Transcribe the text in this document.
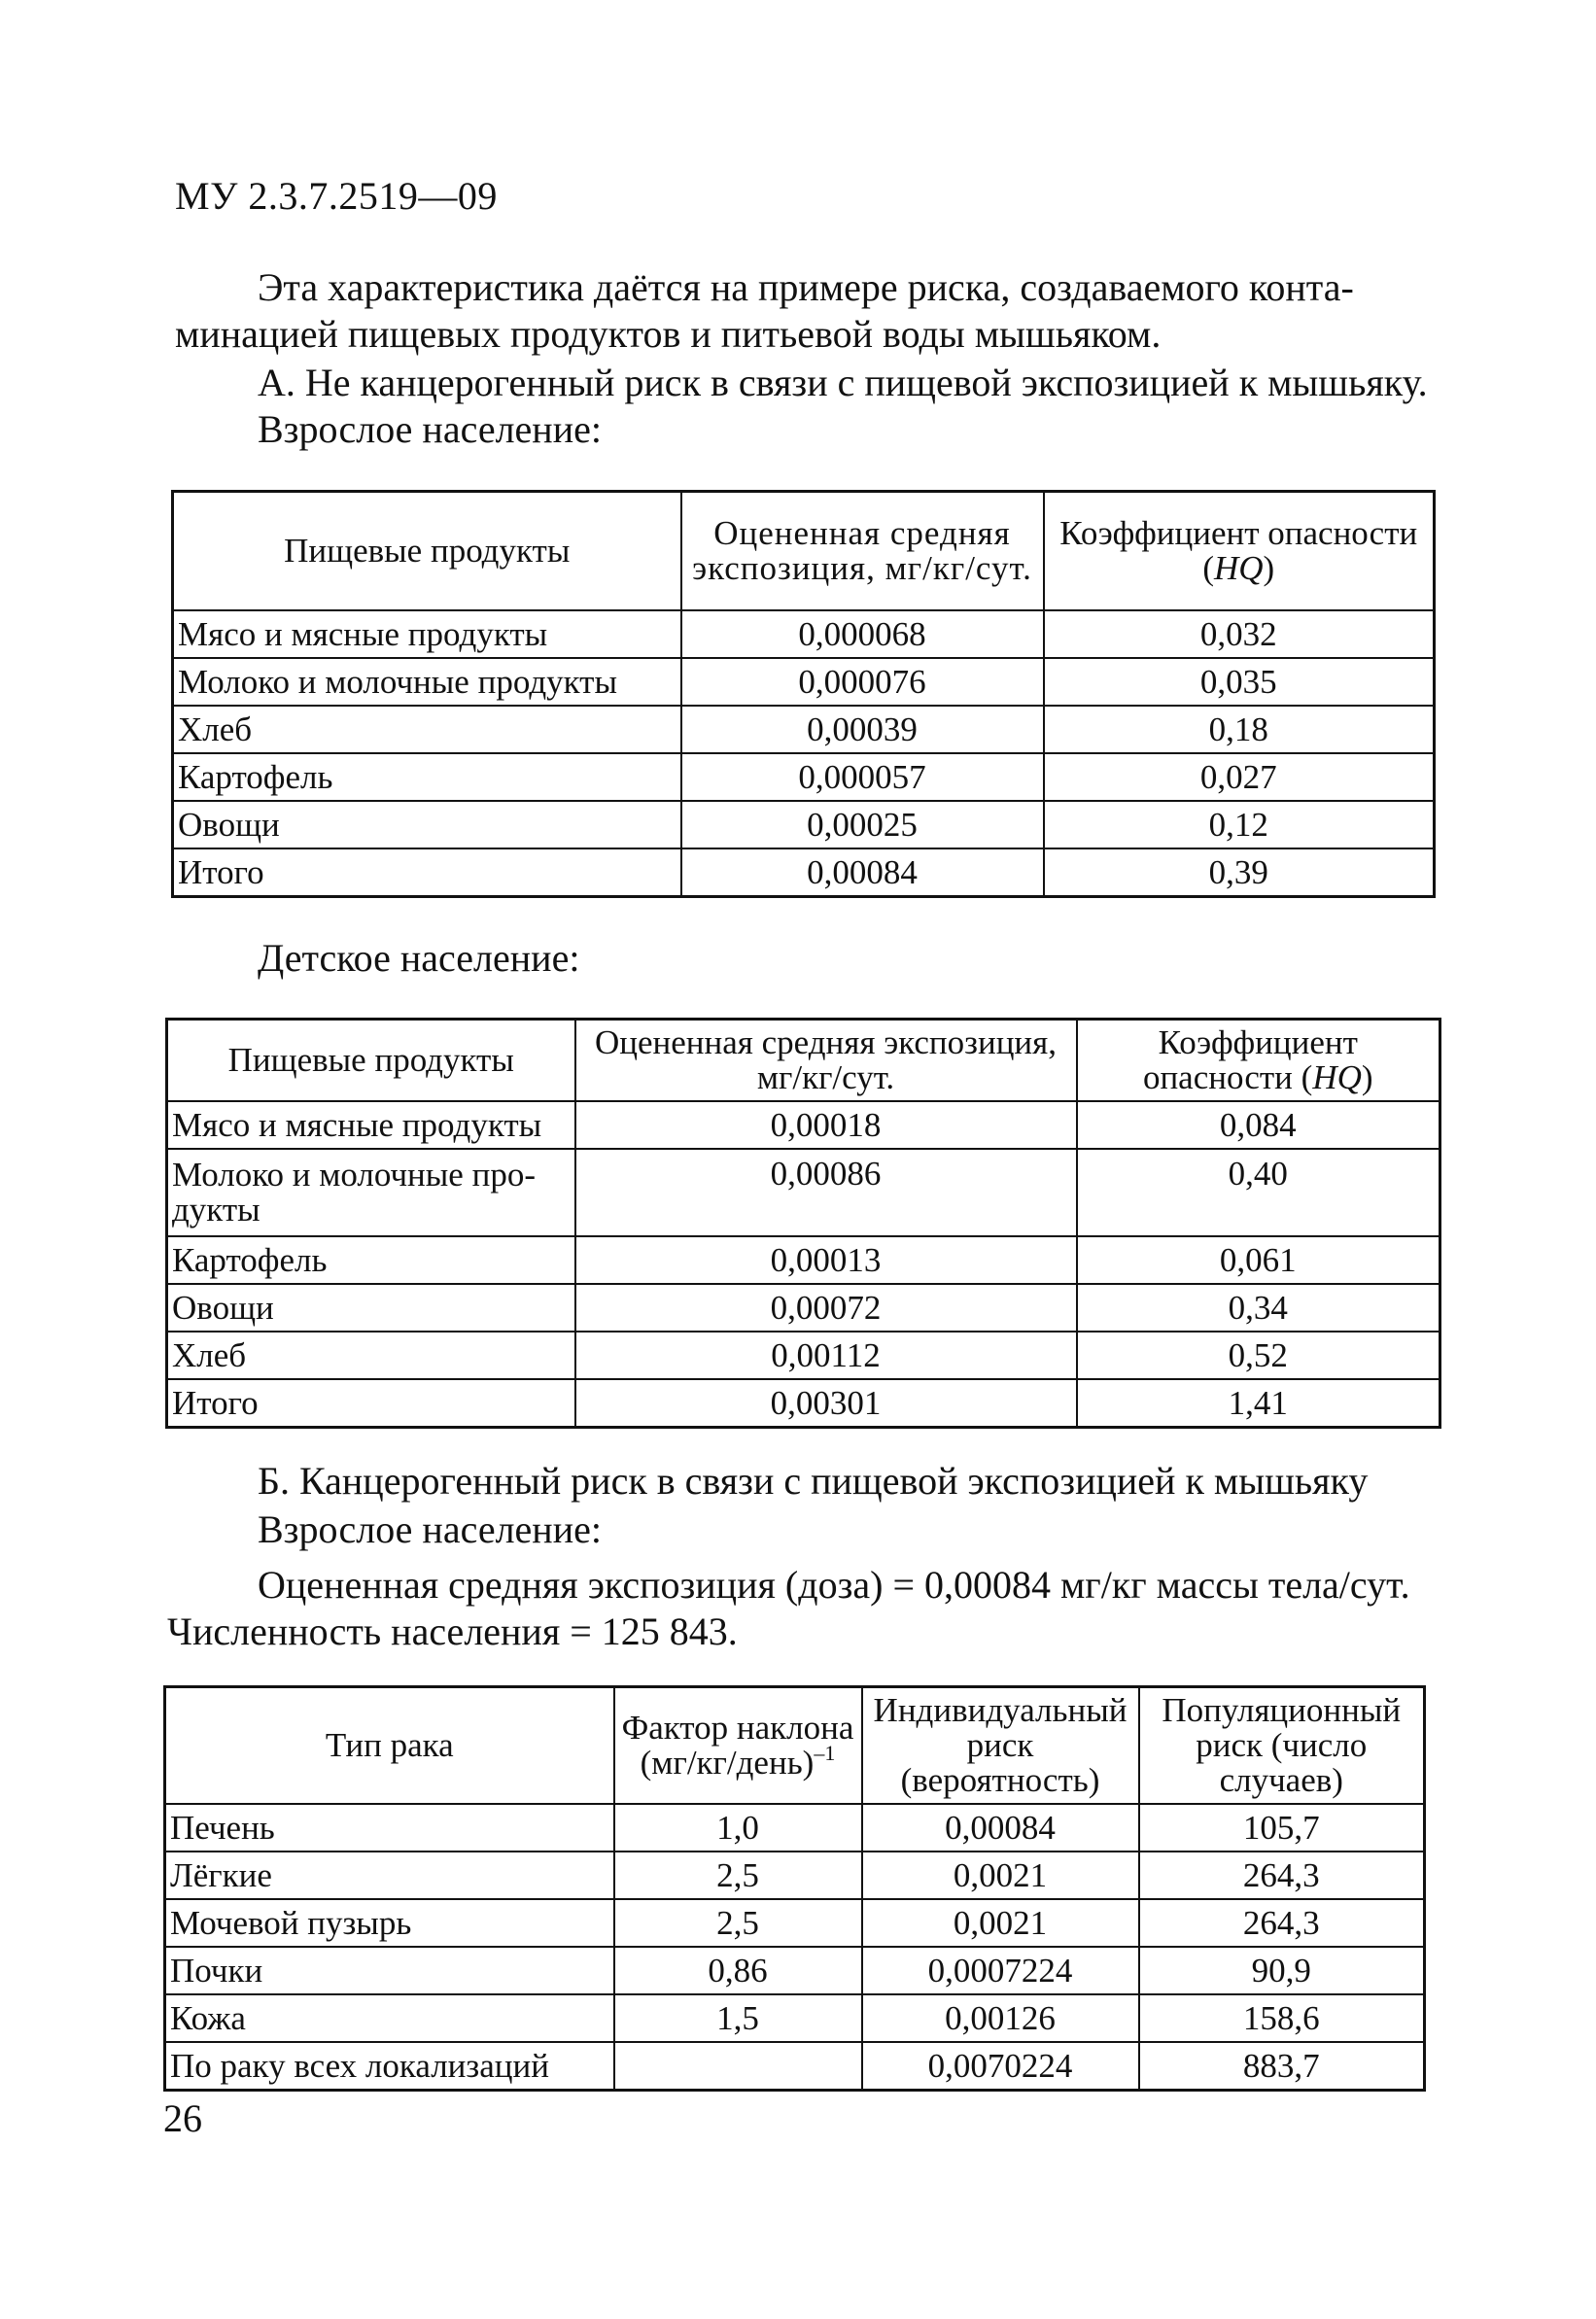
МУ 2.3.7.2519—09
Эта характеристика даётся на примере риска, создаваемого конта-
минацией пищевых продуктов и питьевой воды мышьяком.
А. Не канцерогенный риск в связи с пищевой экспозицией к мышьяку.
Взрослое население:
Пищевые продукты	Оцененная средняя экспозиция, мг/кг/сут.	Коэффициент опасности (HQ)
Мясо и мясные продукты	0,000068	0,032
Молоко и молочные продукты	0,000076	0,035
Хлеб	0,00039	0,18
Картофель	0,000057	0,027
Овощи	0,00025	0,12
Итого	0,00084	0,39
Детское население:
Пищевые продукты	Оцененная средняя экспозиция, мг/кг/сут.	Коэффициент опасности (HQ)
Мясо и мясные продукты	0,00018	0,084
Молоко и молочные про-дукты	0,00086	0,40
Картофель	0,00013	0,061
Овощи	0,00072	0,34
Хлеб	0,00112	0,52
Итого	0,00301	1,41
Б. Канцерогенный риск в связи с пищевой экспозицией к мышьяку
Взрослое население:
Оцененная средняя экспозиция (доза) = 0,00084 мг/кг массы тела/сут.
Численность населения = 125 843.
Тип рака	Фактор наклона (мг/кг/день)$^{-1}$	Индивидуальный риск (вероятность)	Популяционный риск (число случаев)
Печень	1,0	0,00084	105,7
Лёгкие	2,5	0,0021	264,3
Мочевой пузырь	2,5	0,0021	264,3
Почки	0,86	0,0007224	90,9
Кожа	1,5	0,00126	158,6
По раку всех локализаций		0,0070224	883,7
26
